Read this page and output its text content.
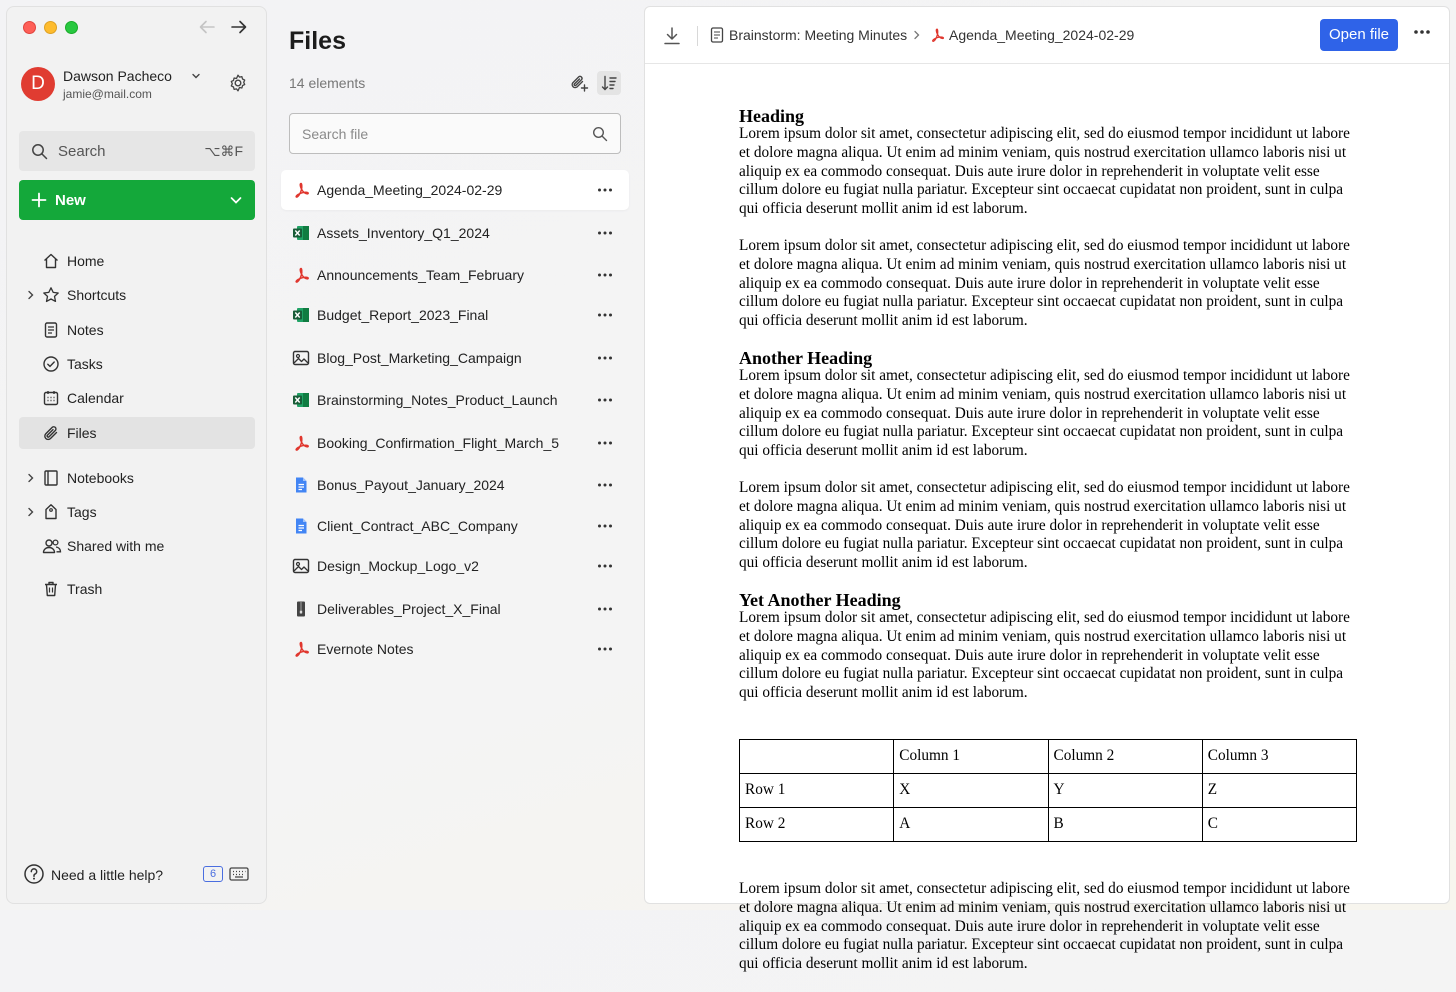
D	Dawson Pacheco
jamie@mail.com
Search	⌥⌘F
New
Home
Shortcuts
Notes
Tasks
Calendar
Files
Notebooks
Tags
Shared with me
Trash
Need a little help?	6
Files
14 elements
Search file
Agenda_Meeting_2024-02-29
Assets_Inventory_Q1_2024
Announcements_Team_February
Budget_Report_2023_Final
Blog_Post_Marketing_Campaign
Brainstorming_Notes_Product_Launch
Booking_Confirmation_Flight_March_5
Bonus_Payout_January_2024
Client_Contract_ABC_Company
Design_Mockup_Logo_v2
Deliverables_Project_X_Final
Evernote Notes
Brainstorm: Meeting Minutes	Agenda_Meeting_2024-02-29	Open file
Heading

Lorem ipsum dolor sit amet, consectetur adipiscing elit, sed do eiusmod tempor incididunt ut labore et dolore magna aliqua. Ut enim ad minim veniam, quis nostrud exercitation ullamco laboris nisi ut aliquip ex ea commodo consequat. Duis aute irure dolor in reprehenderit in voluptate velit esse cillum dolore eu fugiat nulla pariatur. Excepteur sint occaecat cupidatat non proident, sunt in culpa qui officia deserunt mollit anim id est laborum.

Lorem ipsum dolor sit amet, consectetur adipiscing elit, sed do eiusmod tempor incididunt ut labore et dolore magna aliqua. Ut enim ad minim veniam, quis nostrud exercitation ullamco laboris nisi ut aliquip ex ea commodo consequat. Duis aute irure dolor in reprehenderit in voluptate velit esse cillum dolore eu fugiat nulla pariatur. Excepteur sint occaecat cupidatat non proident, sunt in culpa qui officia deserunt mollit anim id est laborum.

Another Heading

Lorem ipsum dolor sit amet, consectetur adipiscing elit, sed do eiusmod tempor incididunt ut labore et dolore magna aliqua. Ut enim ad minim veniam, quis nostrud exercitation ullamco laboris nisi ut aliquip ex ea commodo consequat. Duis aute irure dolor in reprehenderit in voluptate velit esse cillum dolore eu fugiat nulla pariatur. Excepteur sint occaecat cupidatat non proident, sunt in culpa qui officia deserunt mollit anim id est laborum.

Lorem ipsum dolor sit amet, consectetur adipiscing elit, sed do eiusmod tempor incididunt ut labore et dolore magna aliqua. Ut enim ad minim veniam, quis nostrud exercitation ullamco laboris nisi ut aliquip ex ea commodo consequat. Duis aute irure dolor in reprehenderit in voluptate velit esse cillum dolore eu fugiat nulla pariatur. Excepteur sint occaecat cupidatat non proident, sunt in culpa qui officia deserunt mollit anim id est laborum.

Yet Another Heading

Lorem ipsum dolor sit amet, consectetur adipiscing elit, sed do eiusmod tempor incididunt ut labore et dolore magna aliqua. Ut enim ad minim veniam, quis nostrud exercitation ullamco laboris nisi ut aliquip ex ea commodo consequat. Duis aute irure dolor in reprehenderit in voluptate velit esse cillum dolore eu fugiat nulla pariatur. Excepteur sint occaecat cupidatat non proident, sunt in culpa qui officia deserunt mollit anim id est laborum.

	Column 1	Column 2	Column 3
Row 1	X	Y	Z
Row 2	A	B	C

Lorem ipsum dolor sit amet, consectetur adipiscing elit, sed do eiusmod tempor incididunt ut labore et dolore magna aliqua. Ut enim ad minim veniam, quis nostrud exercitation ullamco laboris nisi ut aliquip ex ea commodo consequat. Duis aute irure dolor in reprehenderit in voluptate velit esse cillum dolore eu fugiat nulla pariatur. Excepteur sint occaecat cupidatat non proident, sunt in culpa qui officia deserunt mollit anim id est laborum.
